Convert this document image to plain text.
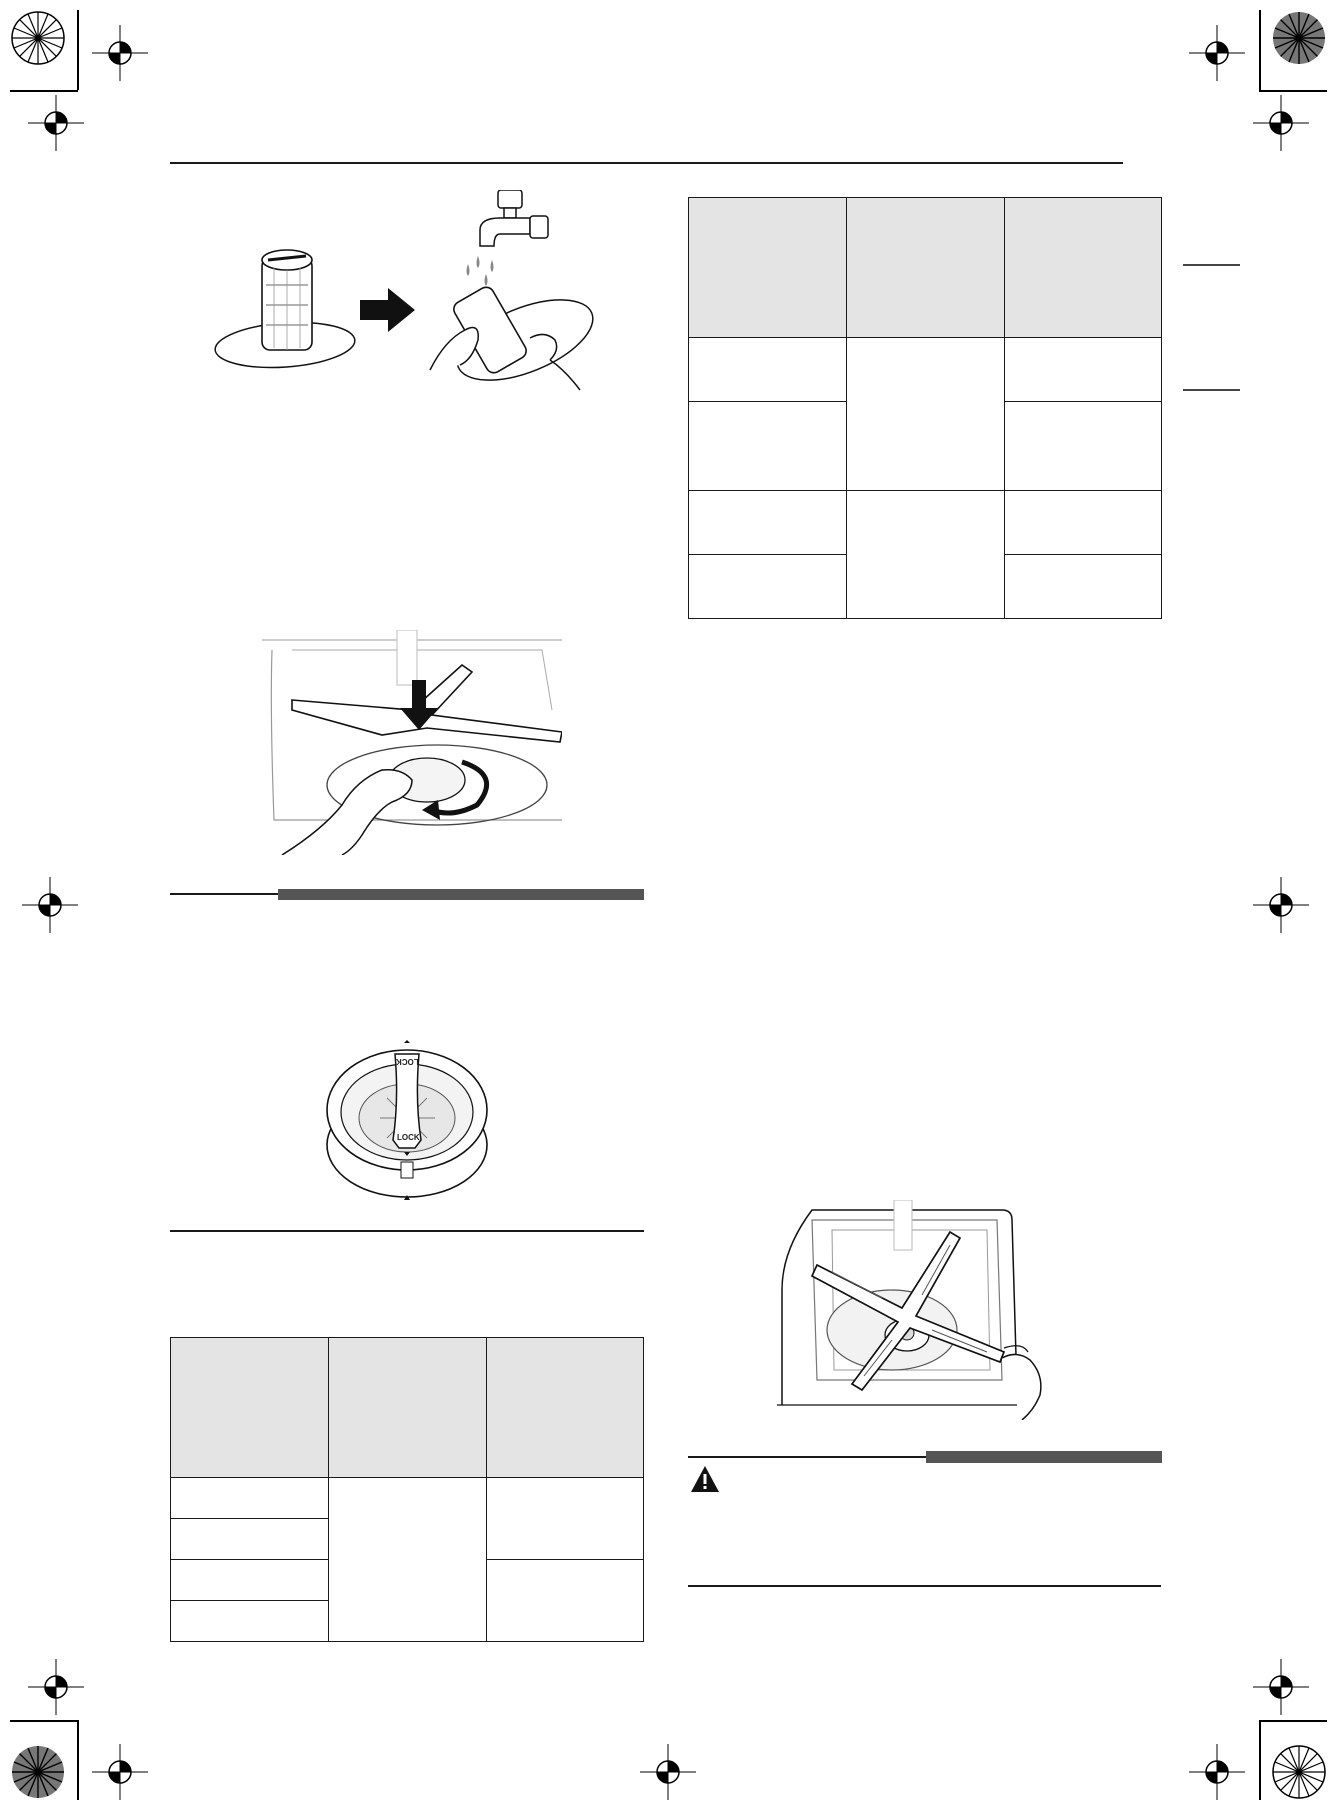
LOCK
LOCK
